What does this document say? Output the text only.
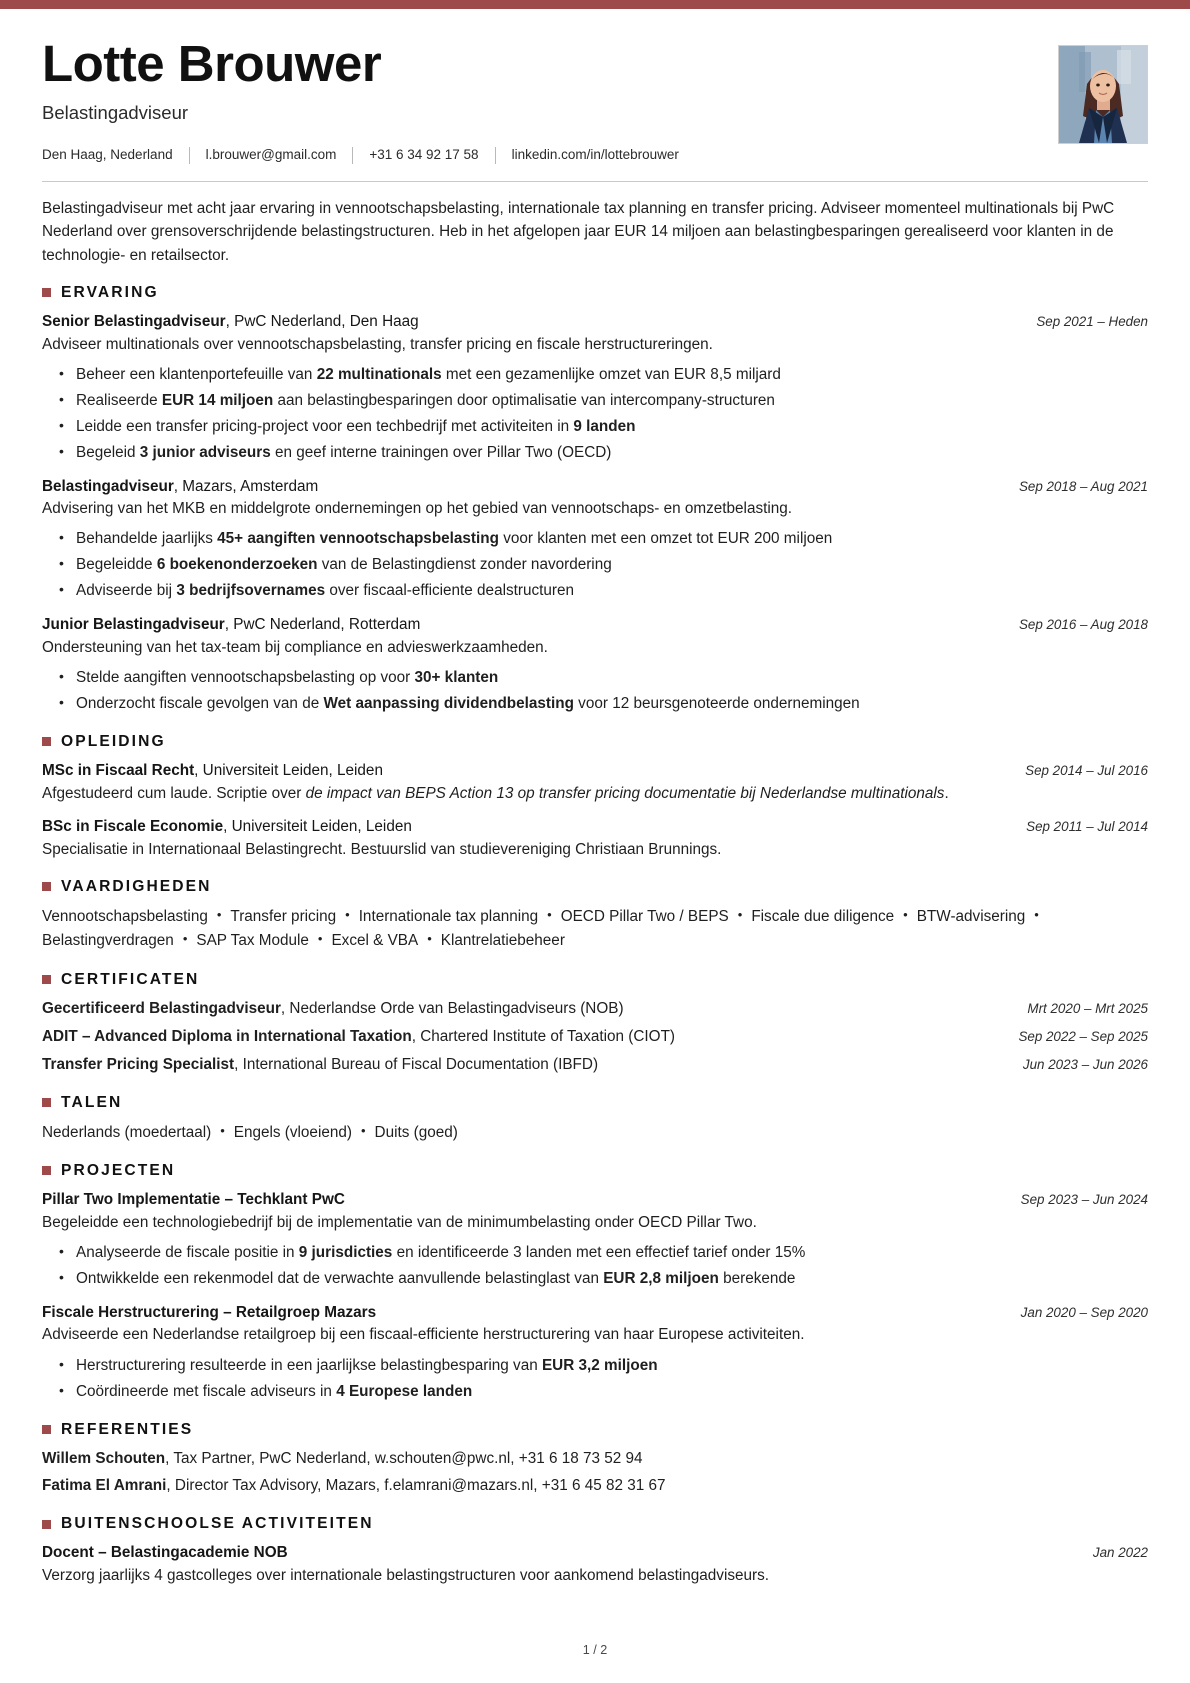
Lotte Brouwer
Belastingadviseur
Den Haag, Nederland l.brouwer@gmail.com +31 6 34 92 17 58 linkedin.com/in/lottebrouwer
Belastingadviseur met acht jaar ervaring in vennootschapsbelasting, internationale tax planning en transfer pricing. Adviseer momenteel multinationals bij PwC Nederland over grensoverschrijdende belastingstructuren. Heb in het afgelopen jaar EUR 14 miljoen aan belastingbesparingen gerealiseerd voor klanten in de technologie- en retailsector.
ERVARING
Senior Belastingadviseur, PwC Nederland, Den Haag	Sep 2021 – Heden
Adviseer multinationals over vennootschapsbelasting, transfer pricing en fiscale herstructureringen.
• Beheer een klantenportefeuille van 22 multinationals met een gezamenlijke omzet van EUR 8,5 miljard
• Realiseerde EUR 14 miljoen aan belastingbesparingen door optimalisatie van intercompany-structuren
• Leidde een transfer pricing-project voor een techbedrijf met activiteiten in 9 landen
• Begeleid 3 junior adviseurs en geef interne trainingen over Pillar Two (OECD)
Belastingadviseur, Mazars, Amsterdam	Sep 2018 – Aug 2021
Advisering van het MKB en middelgrote ondernemingen op het gebied van vennootschaps- en omzetbelasting.
• Behandelde jaarlijks 45+ aangiften vennootschapsbelasting voor klanten met een omzet tot EUR 200 miljoen
• Begeleidde 6 boekenonderzoeken van de Belastingdienst zonder navordering
• Adviseerde bij 3 bedrijfsovernames over fiscaal-efficiente dealstructuren
Junior Belastingadviseur, PwC Nederland, Rotterdam	Sep 2016 – Aug 2018
Ondersteuning van het tax-team bij compliance en advieswerkzaamheden.
• Stelde aangiften vennootschapsbelasting op voor 30+ klanten
• Onderzocht fiscale gevolgen van de Wet aanpassing dividendbelasting voor 12 beursgenoteerde ondernemingen
OPLEIDING
MSc in Fiscaal Recht, Universiteit Leiden, Leiden	Sep 2014 – Jul 2016
Afgestudeerd cum laude. Scriptie over de impact van BEPS Action 13 op transfer pricing documentatie bij Nederlandse multinationals.
BSc in Fiscale Economie, Universiteit Leiden, Leiden	Sep 2011 – Jul 2014
Specialisatie in Internationaal Belastingrecht. Bestuurslid van studievereniging Christiaan Brunnings.
VAARDIGHEDEN
Vennootschapsbelasting • Transfer pricing • Internationale tax planning • OECD Pillar Two / BEPS • Fiscale due diligence • BTW-advisering •Belastingverdragen • SAP Tax Module • Excel & VBA • Klantrelatiebeheer
CERTIFICATEN
Gecertificeerd Belastingadviseur, Nederlandse Orde van Belastingadviseurs (NOB)	Mrt 2020 – Mrt 2025
ADIT – Advanced Diploma in International Taxation, Chartered Institute of Taxation (CIOT)	Sep 2022 – Sep 2025
Transfer Pricing Specialist, International Bureau of Fiscal Documentation (IBFD)	Jun 2023 – Jun 2026
TALEN
Nederlands (moedertaal) • Engels (vloeiend) • Duits (goed)
PROJECTEN
Pillar Two Implementatie – Techklant PwC	Sep 2023 – Jun 2024
Begeleidde een technologiebedrijf bij de implementatie van de minimumbelasting onder OECD Pillar Two.
• Analyseerde de fiscale positie in 9 jurisdicties en identificeerde 3 landen met een effectief tarief onder 15%
• Ontwikkelde een rekenmodel dat de verwachte aanvullende belastinglast van EUR 2,8 miljoen berekende
Fiscale Herstructurering – Retailgroep Mazars	Jan 2020 – Sep 2020
Adviseerde een Nederlandse retailgroep bij een fiscaal-efficiente herstructurering van haar Europese activiteiten.
• Herstructurering resulteerde in een jaarlijkse belastingbesparing van EUR 3,2 miljoen
• Coördineerde met fiscale adviseurs in 4 Europese landen
REFERENTIES
Willem Schouten, Tax Partner, PwC Nederland, w.schouten@pwc.nl, +31 6 18 73 52 94
Fatima El Amrani, Director Tax Advisory, Mazars, f.elamrani@mazars.nl, +31 6 45 82 31 67
BUITENSCHOOLSE ACTIVITEITEN
Docent – Belastingacademie NOB	Jan 2022
Verzorg jaarlijks 4 gastcolleges over internationale belastingstructuren voor aankomend belastingadviseurs.
1 / 2
